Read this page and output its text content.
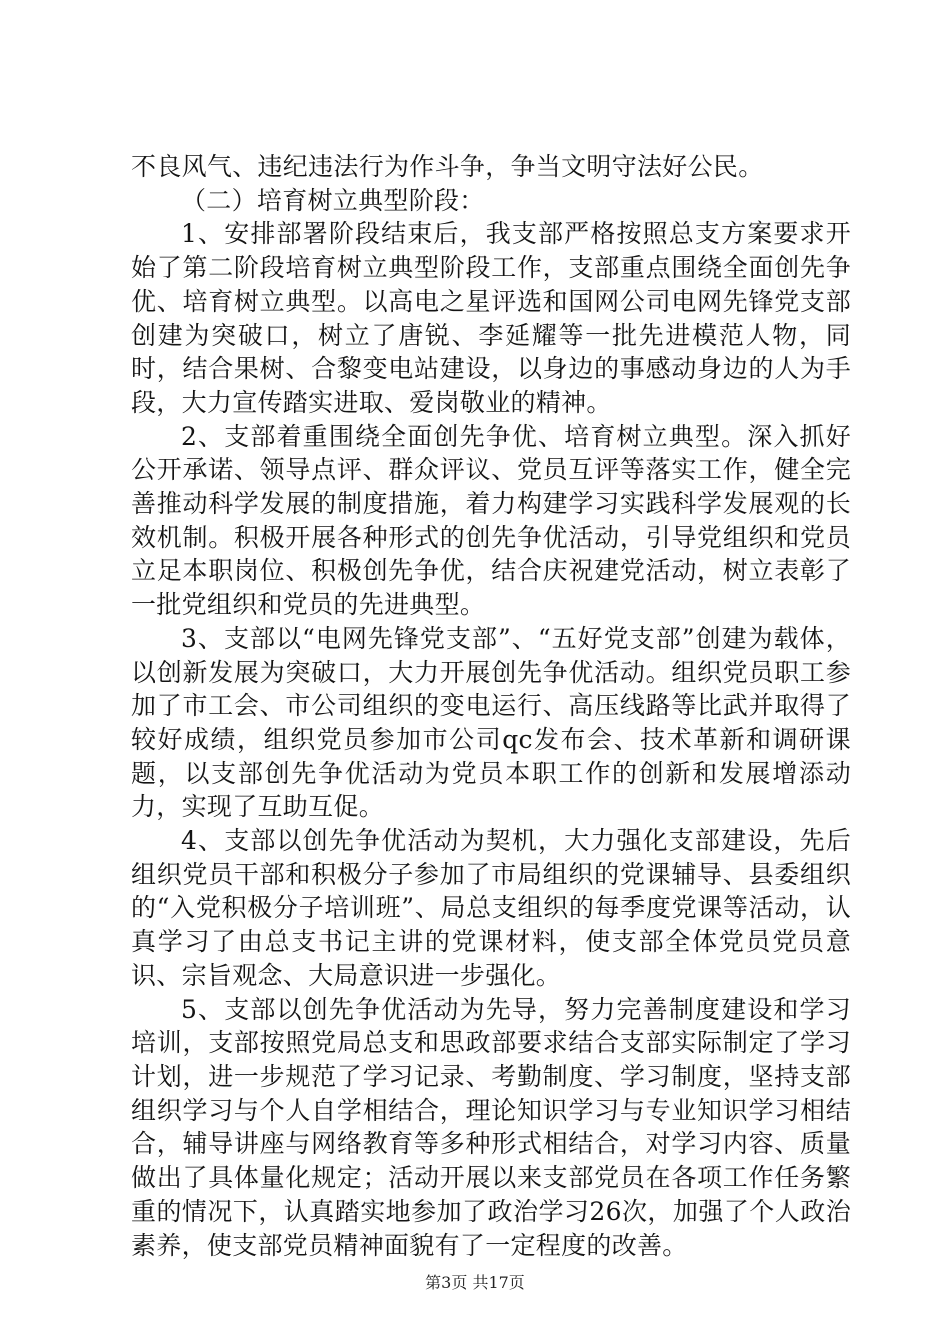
不良风气、违纪违法行为作斗争，争当文明守法好公民。

（二）培育树立典型阶段：

1、安排部署阶段结束后，我支部严格按照总支方案要求开始了第二阶段培育树立典型阶段工作，支部重点围绕全面创先争优、培育树立典型。以高电之星评选和国网公司电网先锋党支部创建为突破口，树立了唐锐、李延耀等一批先进模范人物，同时，结合果树、合黎变电站建设，以身边的事感动身边的人为手段，大力宣传踏实进取、爱岗敬业的精神。

2、支部着重围绕全面创先争优、培育树立典型。深入抓好公开承诺、领导点评、群众评议、党员互评等落实工作，健全完善推动科学发展的制度措施，着力构建学习实践科学发展观的长效机制。积极开展各种形式的创先争优活动，引导党组织和党员立足本职岗位、积极创先争优，结合庆祝建党活动，树立表彰了一批党组织和党员的先进典型。

3、支部以“电网先锋党支部”、“五好党支部”创建为载体，以创新发展为突破口，大力开展创先争优活动。组织党员职工参加了市工会、市公司组织的变电运行、高压线路等比武并取得了较好成绩，组织党员参加市公司qc发布会、技术革新和调研课题，以支部创先争优活动为党员本职工作的创新和发展增添动力，实现了互助互促。

4、支部以创先争优活动为契机，大力强化支部建设，先后组织党员干部和积极分子参加了市局组织的党课辅导、县委组织的“入党积极分子培训班”、局总支组织的每季度党课等活动，认真学习了由总支书记主讲的党课材料，使支部全体党员党员意识、宗旨观念、大局意识进一步强化。

5、支部以创先争优活动为先导，努力完善制度建设和学习培训，支部按照党局总支和思政部要求结合支部实际制定了学习计划，进一步规范了学习记录、考勤制度、学习制度，坚持支部组织学习与个人自学相结合，理论知识学习与专业知识学习相结合，辅导讲座与网络教育等多种形式相结合，对学习内容、质量做出了具体量化规定；活动开展以来支部党员在各项工作任务繁重的情况下，认真踏实地参加了政治学习26次，加强了个人政治素养，使支部党员精神面貌有了一定程度的改善。

第3页 共17页
